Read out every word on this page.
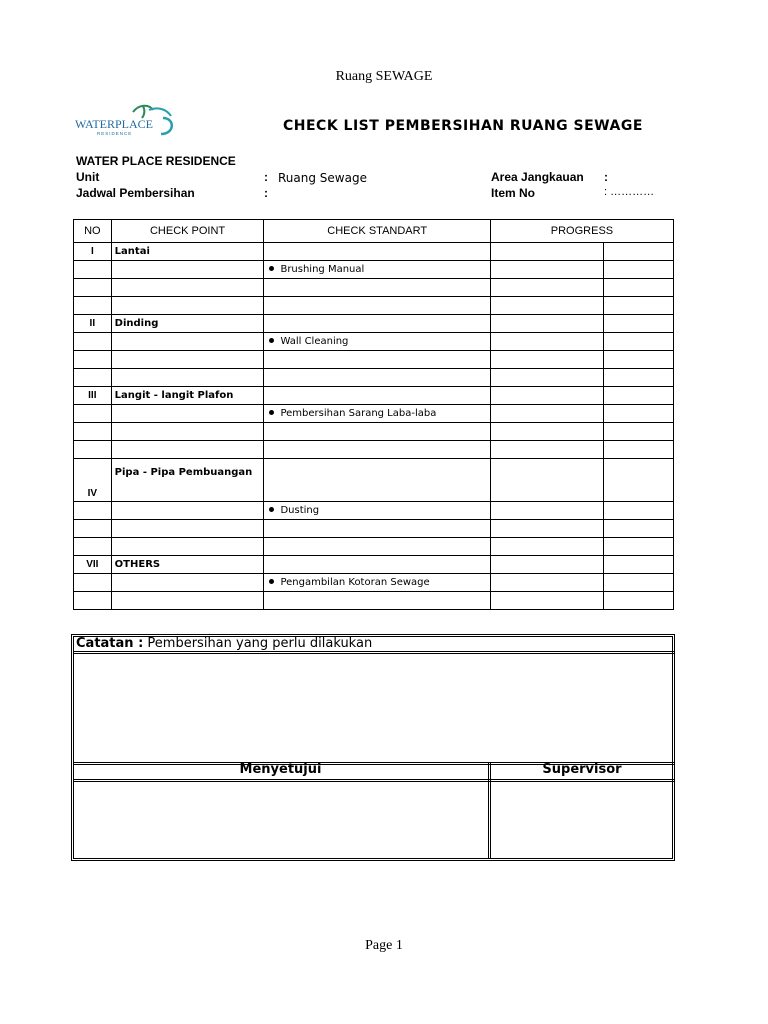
Ruang SEWAGE
WATERPLACE
RESIDENCE	CHECK LIST PEMBERSIHAN RUANG SEWAGE
WATER PLACE RESIDENCE
Unit	: Ruang Sewage
Jadwal Pembersihan	:
Area Jangkauan :
Item No	: …………
NO	CHECK POINT	CHECK STANDART	PROGRESS	
I	Lantai			
		Brushing Manual		

II	Dinding			
		Wall Cleaning		

III	Langit - langit Plafon			
		Pembersihan Sarang Laba-laba		

IV	Pipa - Pipa Pembuangan			
		Dusting		

VII	OTHERS			
		Pengambilan Kotoran Sewage		

Catatan : Pembersihan yang perlu dilakukan
Menyetujui	Supervisor
Page 1
